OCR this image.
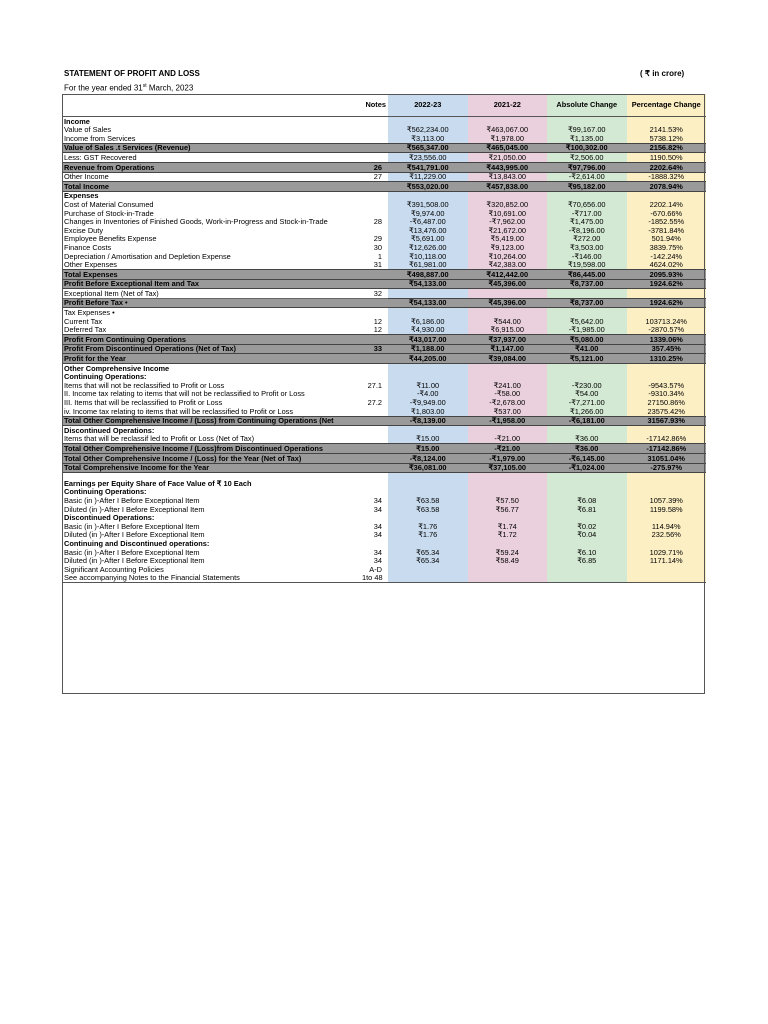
STATEMENT OF PROFIT AND LOSS	( ₹ in crore)
For the year ended 31st March, 2023
	Notes	2022-23	2021-22	Absolute Change	Percentage Change
Income					
Value of Sales		₹562,234.00	₹463,067.00	₹99,167.00	2141.53%
Income from Services		₹3,113.00	₹1,978.00	₹1,135.00	5738.12%
Value of Sales .t Services (Revenue)		₹565,347.00	₹465,045.00	₹100,302.00	2156.82%
Less: GST Recovered		₹23,556.00	₹21,050.00	₹2,506.00	1190.50%
Revenue from Operations	26	₹541,791.00	₹443,995.00	₹97,796.00	2202.64%
Other Income	27	₹11,229.00	₹13,843.00	-₹2,614.00	-1888.32%
Total Income		₹553,020.00	₹457,838.00	₹95,182.00	2078.94%
Expenses					
Cost of Material Consumed		₹391,508.00	₹320,852.00	₹70,656.00	2202.14%
Purchase of Stock-in-Trade		₹9,974.00	₹10,691.00	-₹717.00	-670.66%
Changes in Inventories of Finished Goods, Work-in-Progress and Stock-in-Trade	28	-₹6,487.00	-₹7,962.00	₹1,475.00	-1852.55%
Excise Duty		₹13,476.00	₹21,672.00	-₹8,196.00	-3781.84%
Employee Benefits Expense	29	₹5,691.00	₹5,419.00	₹272.00	501.94%
Finance Costs	30	₹12,626.00	₹9,123.00	₹3,503.00	3839.75%
Depreciation / Amortisation and Depletion Expense	1	₹10,118.00	₹10,264.00	-₹146.00	-142.24%
Other Expenses	31	₹61,981.00	₹42,383.00	₹19,598.00	4624.02%
Total Expenses		₹498,887.00	₹412,442.00	₹86,445.00	2095.93%
Profit Before Exceptional Item and Tax		₹54,133.00	₹45,396.00	₹8,737.00	1924.62%
Exceptional Item (Net of Tax)	32				
Profit Before Tax •		₹54,133.00	₹45,396.00	₹8,737.00	1924.62%
Tax Expenses •					
Current Tax	12	₹6,186.00	₹544.00	₹5,642.00	103713.24%
Deferred Tax	12	₹4,930.00	₹6,915.00	-₹1,985.00	-2870.57%
Profit From Continuing Operations		₹43,017.00	₹37,937.00	₹5,080.00	1339.06%
Profit From Discontinued Operations (Net of Tax)	33	₹1,188.00	₹1,147.00	₹41.00	357.45%
Profit for the Year		₹44,205.00	₹39,084.00	₹5,121.00	1310.25%
Other Comprehensive Income					
Continuing Operations:					
Items that will not be reclassified to Profit or Loss	27.1	₹11.00	₹241.00	-₹230.00	-9543.57%
II. Income tax relating to items that will not be reclassified to Profit or Loss		-₹4.00	-₹58.00	₹54.00	-9310.34%
III. Items that will be reclassified to Profit or Loss	27.2	-₹9,949.00	-₹2,678.00	-₹7,271.00	27150.86%
iv. Income tax relating to items that will be reclassified to Profit or Loss		₹1,803.00	₹537.00	₹1,266.00	23575.42%
Total Other Comprehensive Income / (Loss) from Continuing Operations (Net		-₹8,139.00	-₹1,958.00	-₹6,181.00	31567.93%
Discontinued Operations:					
Items that will be reclassif led to Profit or Loss (Net of Tax)		₹15.00	-₹21.00	₹36.00	-17142.86%
Total Other Comprehensive Income / (Loss)from Discontinued Operations		₹15.00	-₹21.00	₹36.00	-17142.86%
Total Other Comprehensive Income / (Loss) for the Year (Net of Tax)		-₹8,124.00	-₹1,979.00	-₹6,145.00	31051.04%
Total Comprehensive Income for the Year		₹36,081.00	₹37,105.00	-₹1,024.00	-275.97%

Earnings per Equity Share of Face Value of ₹ 10 Each					
Continuing Operations:					
Basic (in )-After I Before Exceptional Item	34	₹63.58	₹57.50	₹6.08	1057.39%
Diluted (in )-After I Before Exceptional Item	34	₹63.58	₹56.77	₹6.81	1199.58%
Discontinued Operations:					
Basic (in )-After I Before Exceptional Item	34	₹1.76	₹1.74	₹0.02	114.94%
Diluted (in )-After I Before Exceptional Item	34	₹1.76	₹1.72	₹0.04	232.56%
Continuing and Discontinued operations:					
Basic (in )-After I Before Exceptional Item	34	₹65.34	₹59.24	₹6.10	1029.71%
Diluted (in )-After I Before Exceptional Item	34	₹65.34	₹58.49	₹6.85	1171.14%
Significant Accounting Policies	A-D				
See accompanying Notes to the Financial Statements	1to 48				
